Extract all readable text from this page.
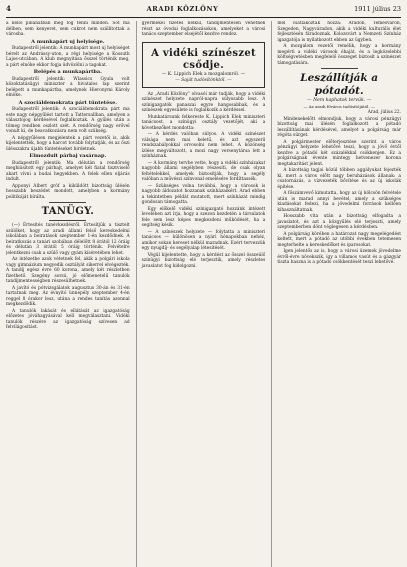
4	ARADI KÖZLÖNY	1911 július 23

a kellő pillanatban meg fog tenni minden. Sőt ma délben, sem kenyeret, sem cukrot nem szállítottak a városba.

A munkapárt uj helyisége.

Budapestről jelentik: A munkapárt most uj helyiséget bérelt az Andrássy-uton, a régi helyisége a Kossuth Lajos-utcában. A klub megnyitása ősszel történik meg, a párt elnöke ekkor fogja üdvözölni a tagokat.

Belépés a munkapártba.

Budapestről jelentik: Wlassics Gyula volt közoktatásügyi miniszter a hivatalos lap szerint belépett a munkapártba, amelynek Hieronymi Károly elnöke.

A szociáldemokrata párt tüntetése.

Budapestről jelentik: A szociáldemokrata párt ma este nagy népgyűlést tartott a Tattersallban, amelyen a választójog kérdésével foglalkoztak. A gyűlés után a tömeg rendben oszlott szét. A rendőrség nagy erővel vonult ki, de beavatkozásra nem volt szükség.

A népgyűlésen megjelentek a párt vezetői is, akik kijelentették, hogy a harcot tovább folytatják, és az őszi ülésszakra újabb tüntetéseket hirdetnek.

Elmozdult párbaj vasárnap.

Budapestről jelentik: Ma délután a rendőrség meghiúsított egy párbajt, amelyet két fiatal tisztviselő akart vívni a budai hegyekben. A felek ellen eljárás indult.

Apponyi Albert gróf a kiküldött bizottság ülésén hosszabb beszédet mondott, amelyben a kormány politikáját bírálta.

TANÜGY.

(—) Értesítés tanévkezdésről. Értesítjük a tisztelt szülőket, hogy az aradi állami felső kereskedelmi iskolában a beiratások szeptember 1-én kezdődnek. A beiratkozás a tanári szobában délelőtt 8 órától 12 óráig és délután 3 órától 5 óráig történik. Felvételre jelentkezni csak a szülő vagy gyám kíséretében lehet.

Az intézetbe azok vétetnek fel, akik a polgári iskola vagy gimnázium negyedik osztályát sikerrel elvégezték. A tandíj egész évre 60 korona, amely két részletben fizethető. Szegény sorsú, jó előmenetelű tanulók tandíjmentességben részesülhetnek.

A javító és pótvizsgálatok augusztus 30-án és 31-én tartatnak meg. Az évnyitó ünnepély szeptember 4-én reggel 8 órakor lesz, utána a rendes tanítás azonnal megkezdődik.

A tanulók lakását és ellátását az igazgatóság előzetes jóváhagyásával kell megválasztani. Vidéki tanulók részére az igazgatóság szívesen ad felvilágosítást.

gyermekei fizetés nélkül, tandíjmentesen vehetnek részt az óvodai foglalkozásokon, amelyeket a városi tanács szeptember elsejétől kezdve rendez.

A vidéki színészet csődje.
— K. Lippich Elek a mozgalomról. —
— Saját tudósítónktól. —

Az „Aradi Közlöny” olvasói már tudják, hogy a vidéki színészet helyzete napról-napra súlyosabb lesz. A színigazgatók panaszai egyre hangosabbak, és a színészek egyesülete is foglalkozik a kérdéssel.

Munkatársunk felkereste K. Lippich Elek miniszteri tanácsost, a színügyi osztály vezetőjét, aki a következőket mondotta:

— A kérdés valóban súlyos. A vidéki színészet válsága nem mai keletű, és azt egyszerű rendszabályokkal orvosolni nem lehet. A közönség ízlése megváltozott, a mozi nagy versenytársa lett a színháznak.

— A kormány tervbe vette, hogy a vidéki színházakat nagyobb állami segélyben részesíti, de csak olyan feltételekkel, amelyek biztosítják, hogy a segély valóban a művészi színvonal emelésére fordíttassék.

— Szükséges volna továbbá, hogy a városok is nagyobb áldozatot hozzanak színházaikért. Arad ebben a tekintetben példát mutatott, mert színházát mindig gondosan támogatta.

Egy előkelő vidéki színigazgató hozzánk intézett levelében azt írja, hogy a szezon kezdetén a társulatok fele sem lesz képes megkezdeni működését, ha a segítség késik.

— A színészek helyzete — folytatta a miniszteri tanácsos — különösen a nyári hónapokban nehéz, amikor sokan kereset nélkül maradnak. Ezért tervezzük egy nyugdíj- és segélyalap létesítését.

Végül kijelentette, hogy a kérdést az ősszel összeülő színügyi bizottság elé terjesztik, amely részletes javaslatot fog kidolgozni.

mel csatlakoztak hozzá: Aradon, Temesváron, Szegeden, Nagyváradon, akik a vidéki kulturális élet fejlesztésén fáradoznak. Kolozsvárt a Nemzeti Színház igazgatója is nyilatkozott ebben az ügyben.

A mozgalom vezetői remélik, hogy a kormány megérti a vidéki városok óhaját, és a legközelebbi költségvetésben megfelelő összeget biztosít a színészet támogatására.

Leszállítják a pótadót.
— Nem kaphatok tervük. —
— Az aradi főváros tudósítójától. —
Arad, július 22.

Mindenekelőtt elmondjuk, hogy a városi pénzügyi bizottság mai ülésén foglalkozott a pótadó leszállításának kérdésével, amelyet a polgárság már régóta sürget.

A polgármester előterjesztése szerint a város pénzügyi helyzete lehetővé teszi, hogy a jövő évtől kezdve a pótadó két százalékkal csökkenjen. Ez a polgárságnak évente mintegy hetvenezer korona megtakarítást jelent.

A bizottság tagjai közül többen aggályukat fejezték ki, mert a város előtt nagy beruházások állanak: a csatornázás, a vízvezeték bővítése és az új iskolák építése.

A főszámvevő kimutatta, hogy az új kölcsön felvétele után is marad annyi bevétel, amely a szükséges kiadásokat fedezi, ha a jövedelmi források kellően kihasználtatnak.

Hosszabb vita után a bizottság elfogadta a javaslatot, és azt a közgyűlés elé terjeszti, amely szeptemberben dönt véglegesen a kérdésben.

A polgárság körében a határozat nagy megelégedést keltett, mert a pótadó az utóbbi években tetemesen megterhelte a kereskedőket és iparosokat.

Igen jelentős az is, hogy a városi üzemek jövedelme évről-évre növekszik, így a villamos vasút és a gázgyár tiszta haszna is a pótadó csökkentését teszi lehetővé.
